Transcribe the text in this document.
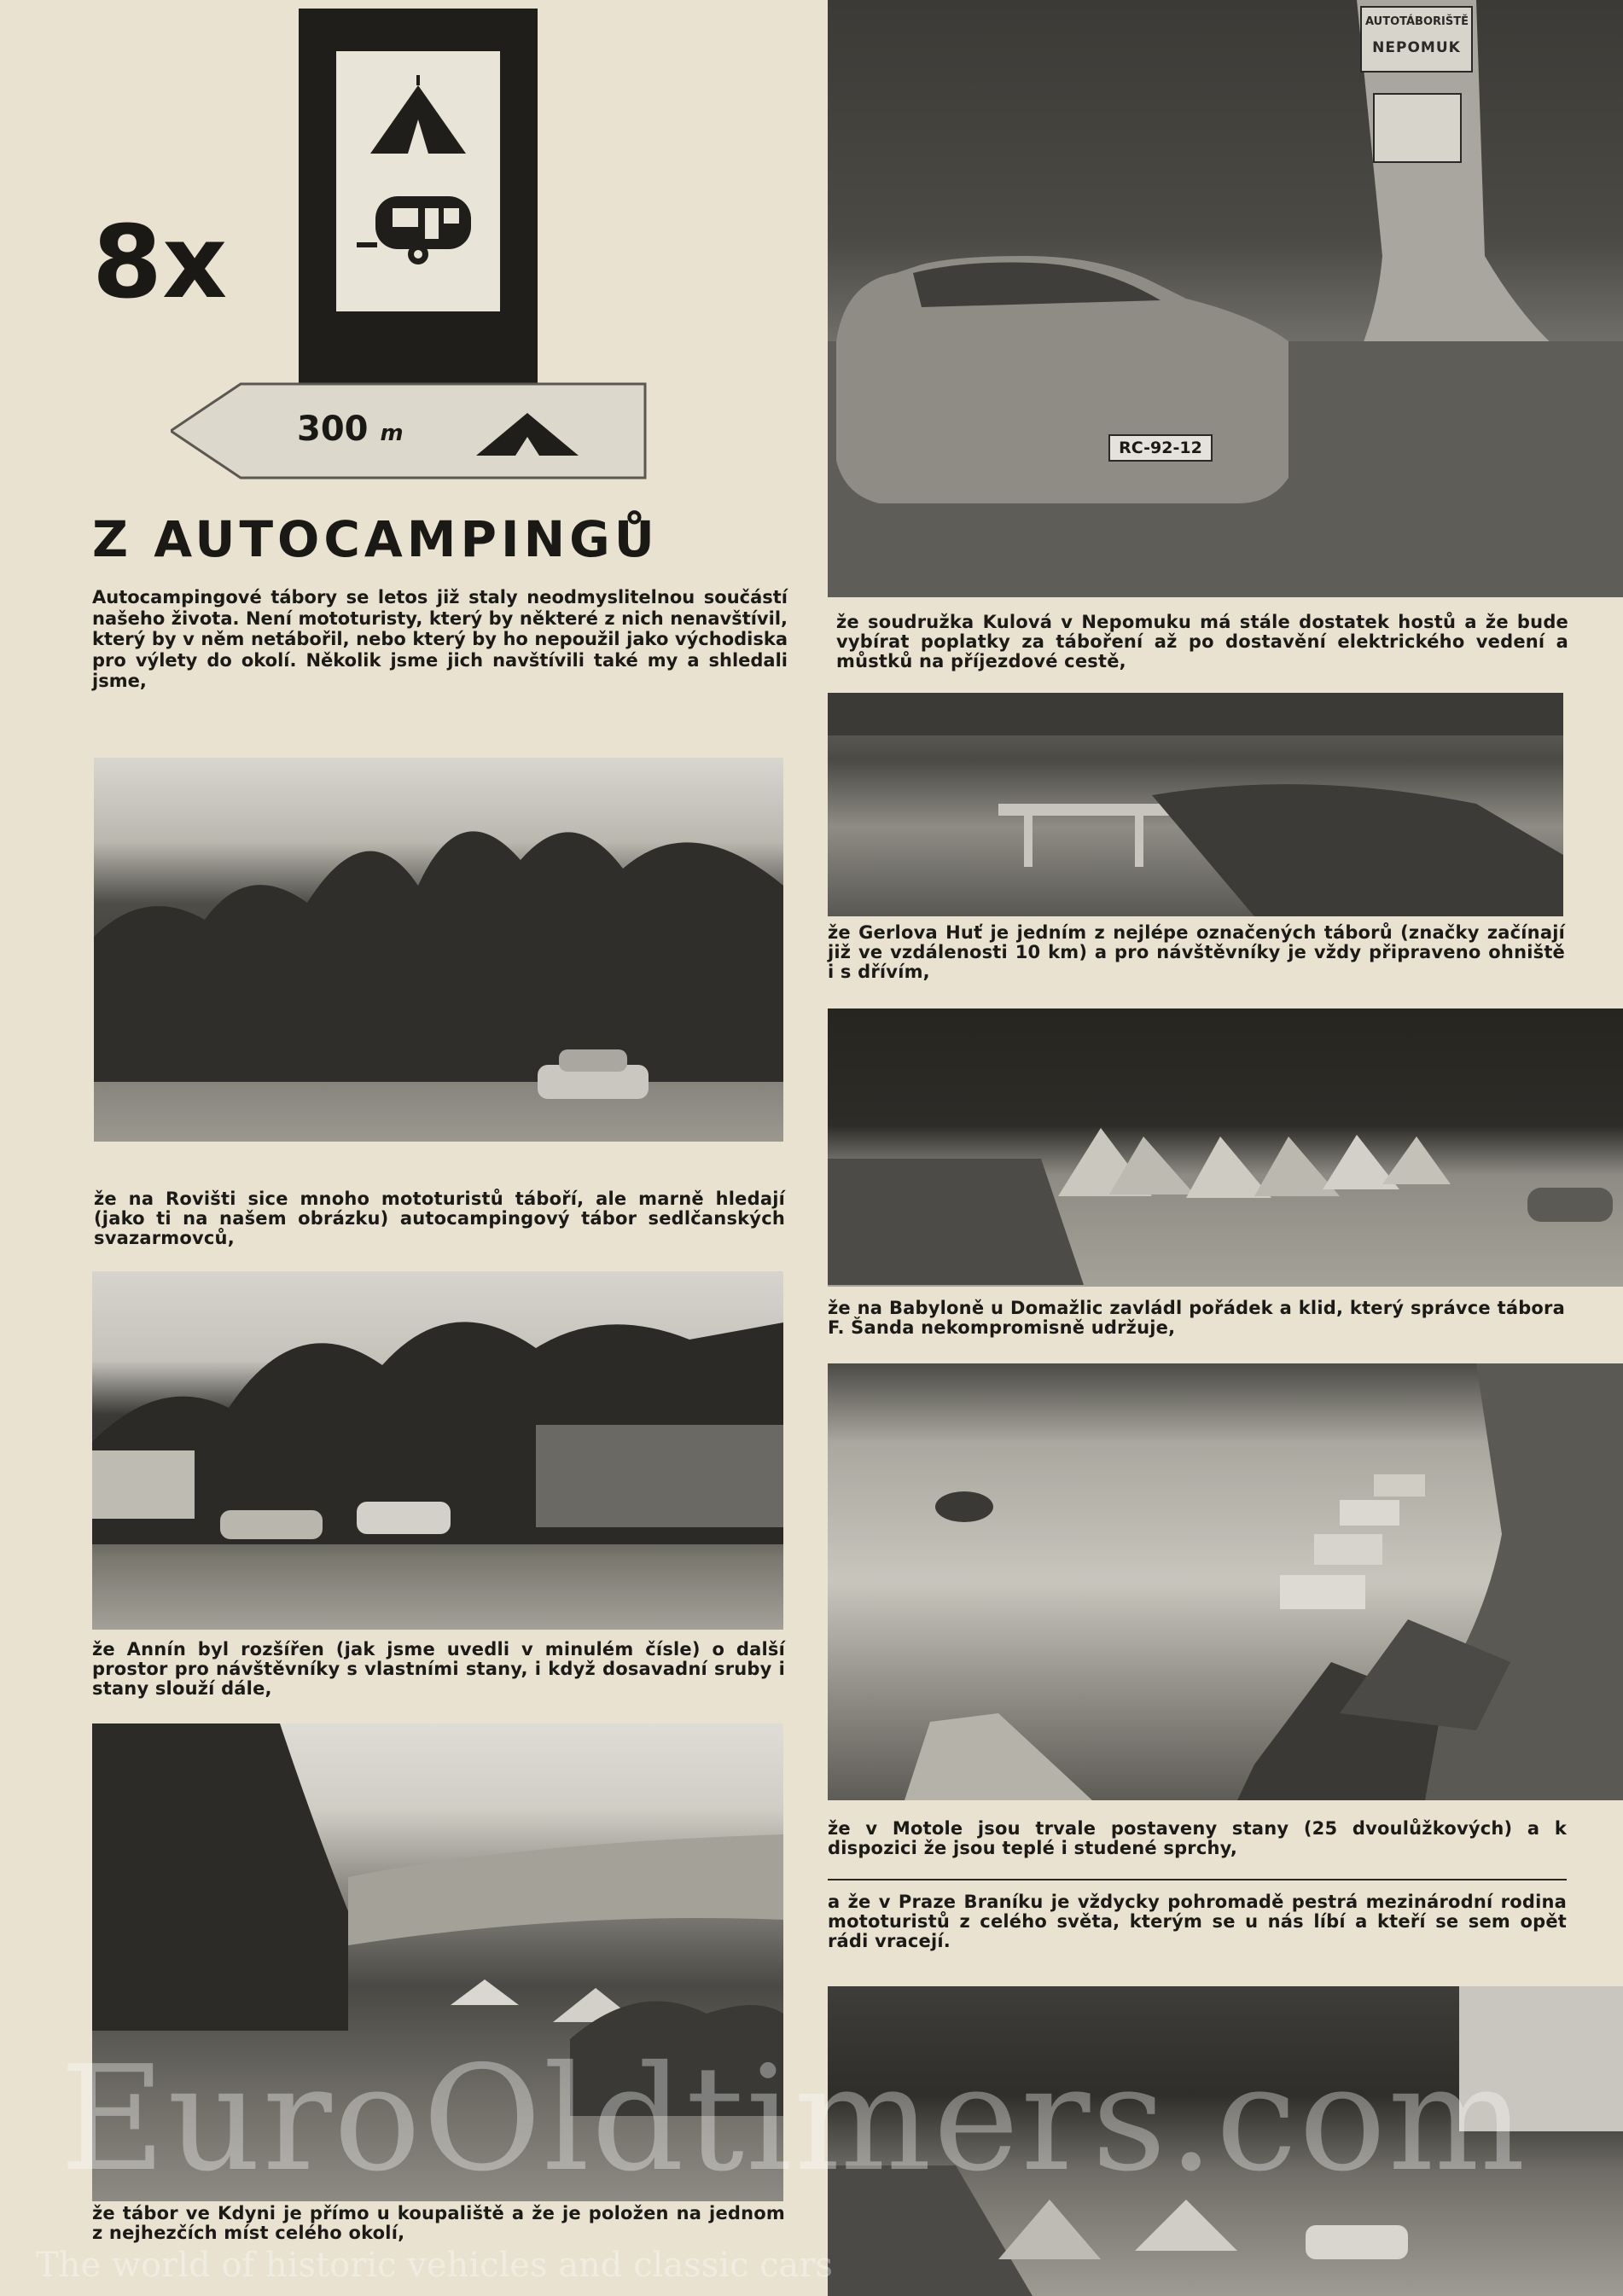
8x
300 m
Z AUTOCAMPINGŮ
Autocampingové tábory se letos již staly neodmyslitelnou součástí našeho života. Není mototuristy, který by některé z nich nenavštívil, který by v něm netábořil, nebo který by ho nepoužil jako východiska pro výlety do okolí. Několik jsme jich navštívili také my a shledali jsme,
že na Rovišti sice mnoho mototuristů táboří, ale marně hledají (jako ti na našem obrázku) autocampingový tábor sedlčanských svazarmovců,
že Annín byl rozšířen (jak jsme uvedli v minulém čísle) o další prostor pro návštěvníky s vlastními stany, i když dosavadní sruby i stany slouží dále,
že tábor ve Kdyni je přímo u koupaliště a že je položen na jednom z nejhezčích míst celého okolí,
AUTOTÁBORIŠTĚ
NEPOMUK
RC-92-12
že soudružka Kulová v Nepomuku má stále dostatek hostů a že bude vybírat poplatky za táboření až po dostavění elektrického vedení a můstků na příjezdové cestě,
že Gerlova Huť je jedním z nejlépe označených táborů (značky začínají již ve vzdálenosti 10 km) a pro návštěvníky je vždy připraveno ohniště i s dřívím,
že na Babyloně u Domažlic zavládl pořádek a klid, který správce tábora F. Šanda nekompromisně udržuje,
že v Motole jsou trvale postaveny stany (25 dvoulůžkových) a k dispozici že jsou teplé i studené sprchy,
a že v Praze Braníku je vždycky pohromadě pestrá mezinárodní rodina mototuristů z celého světa, kterým se u nás líbí a kteří se sem opět rádi vracejí.
EuroOldtimers.com
The world of historic vehicles and classic cars
